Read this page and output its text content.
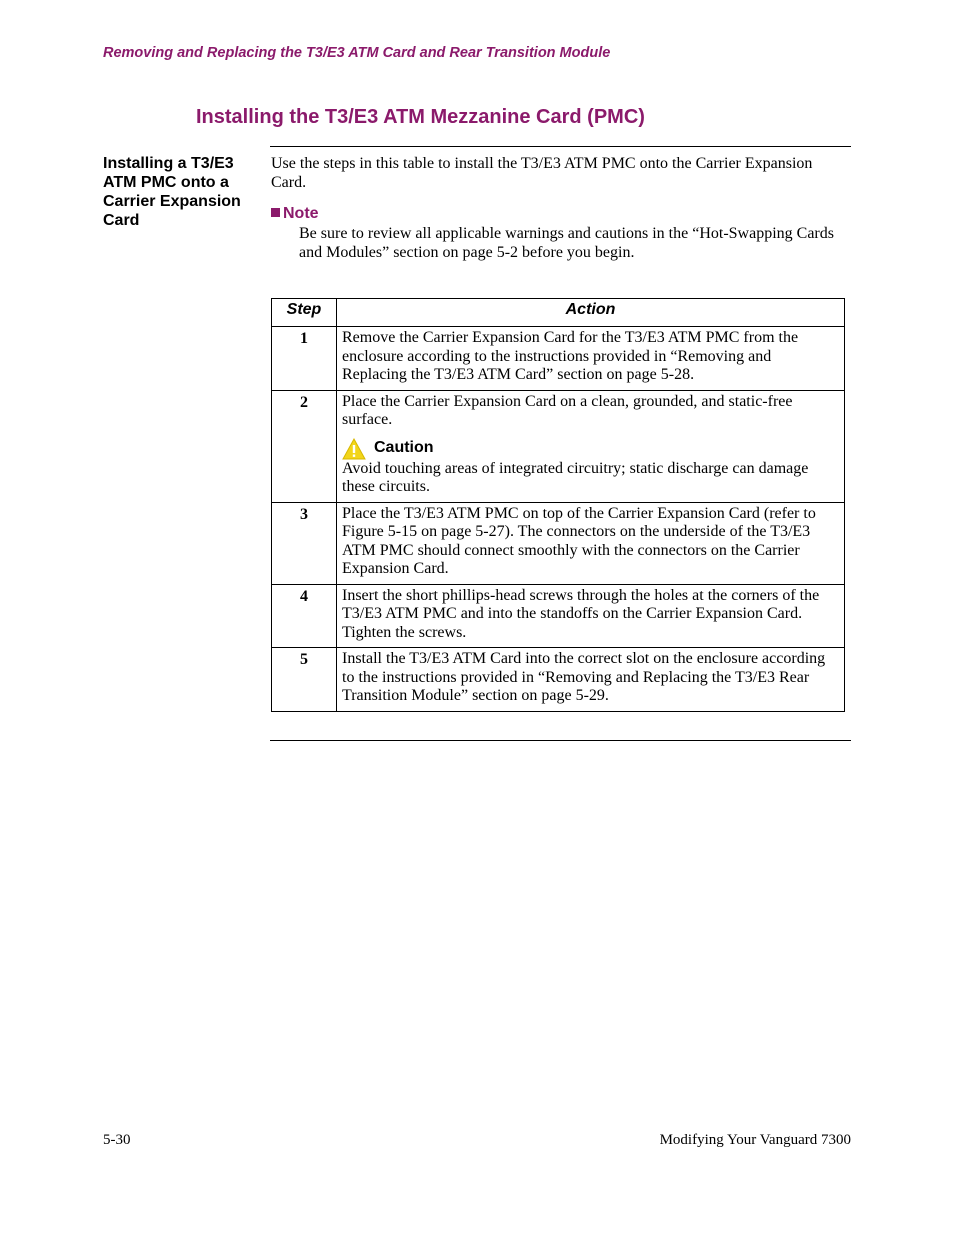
Removing and Replacing the T3/E3 ATM Card and Rear Transition Module
Installing the T3/E3 ATM Mezzanine Card (PMC)
Installing a T3/E3 ATM PMC onto a Carrier Expansion Card
Use the steps in this table to install the T3/E3 ATM PMC onto the Carrier Expansion Card.
Note
Be sure to review all applicable warnings and cautions in the “Hot-Swapping Cards and Modules” section on page 5-2 before you begin.
Step	Action
1	Remove the Carrier Expansion Card for the T3/E3 ATM PMC from the enclosure according to the instructions provided in “Removing and Replacing the T3/E3 ATM Card” section on page 5-28.
2	Place the Carrier Expansion Card on a clean, grounded, and static-free surface.
Caution
Avoid touching areas of integrated circuitry; static discharge can damage these circuits.

3	Place the T3/E3 ATM PMC on top of the Carrier Expansion Card (refer to Figure 5-15 on page 5-27). The connectors on the underside of the T3/E3 ATM PMC should connect smoothly with the connectors on the Carrier Expansion Card.
4	Insert the short phillips-head screws through the holes at the corners of the T3/E3 ATM PMC and into the standoffs on the Carrier Expansion Card. Tighten the screws.
5	Install the T3/E3 ATM Card into the correct slot on the enclosure according to the instructions provided in “Removing and Replacing the T3/E3 Rear Transition Module” section on page 5-29.
5-30	Modifying Your Vanguard 7300
